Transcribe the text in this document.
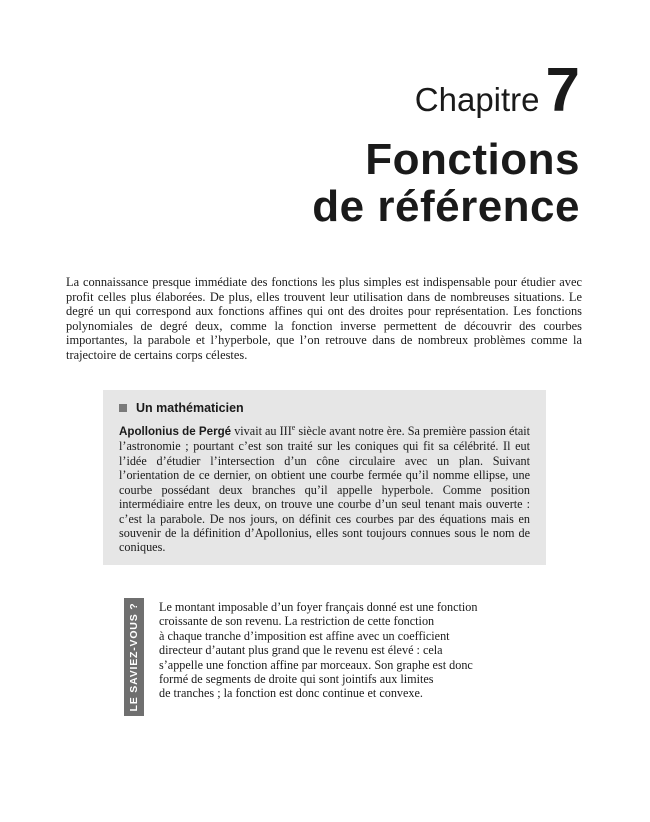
Chapitre7
Fonctions
de référence

La connaissance presque immédiate des fonctions les plus simples est indispensable pour étudier avec profit celles plus élaborées. De plus, elles trouvent leur utilisation dans de nombreuses situations. Le degré un qui correspond aux fonctions affines qui ont des droites pour représentation. Les fonctions polynomiales de degré deux, comme la fonction inverse permettent de découvrir des courbes importantes, la parabole et l’hyperbole, que l’on retrouve dans de nombreux problèmes comme la trajectoire de certains corps célestes.

Un mathématicien

Apollonius de Pergé vivait au IIIe siècle avant notre ère. Sa première passion était l’astronomie ; pourtant c’est son traité sur les coniques qui fit sa célébrité. Il eut l’idée d’étudier l’intersection d’un cône circulaire avec un plan. Suivant l’orientation de ce dernier, on obtient une courbe fermée qu’il nomme ellipse, une courbe possédant deux branches qu’il appelle hyperbole. Comme position intermédiaire entre les deux, on trouve une courbe d’un seul tenant mais ouverte : c’est la parabole. De nos jours, on définit ces courbes par des équations mais en souvenir de la définition d’Apollonius, elles sont toujours connues sous le nom de coniques.

LE SAVIEZ-VOUS ? Le montant imposable d’un foyer français donné est une fonction
croissante de son revenu. La restriction de cette fonction
à chaque tranche d’imposition est affine avec un coefficient
directeur d’autant plus grand que le revenu est élevé : cela
s’appelle une fonction affine par morceaux. Son graphe est donc
formé de segments de droite qui sont jointifs aux limites
de tranches ; la fonction est donc continue et convexe.
